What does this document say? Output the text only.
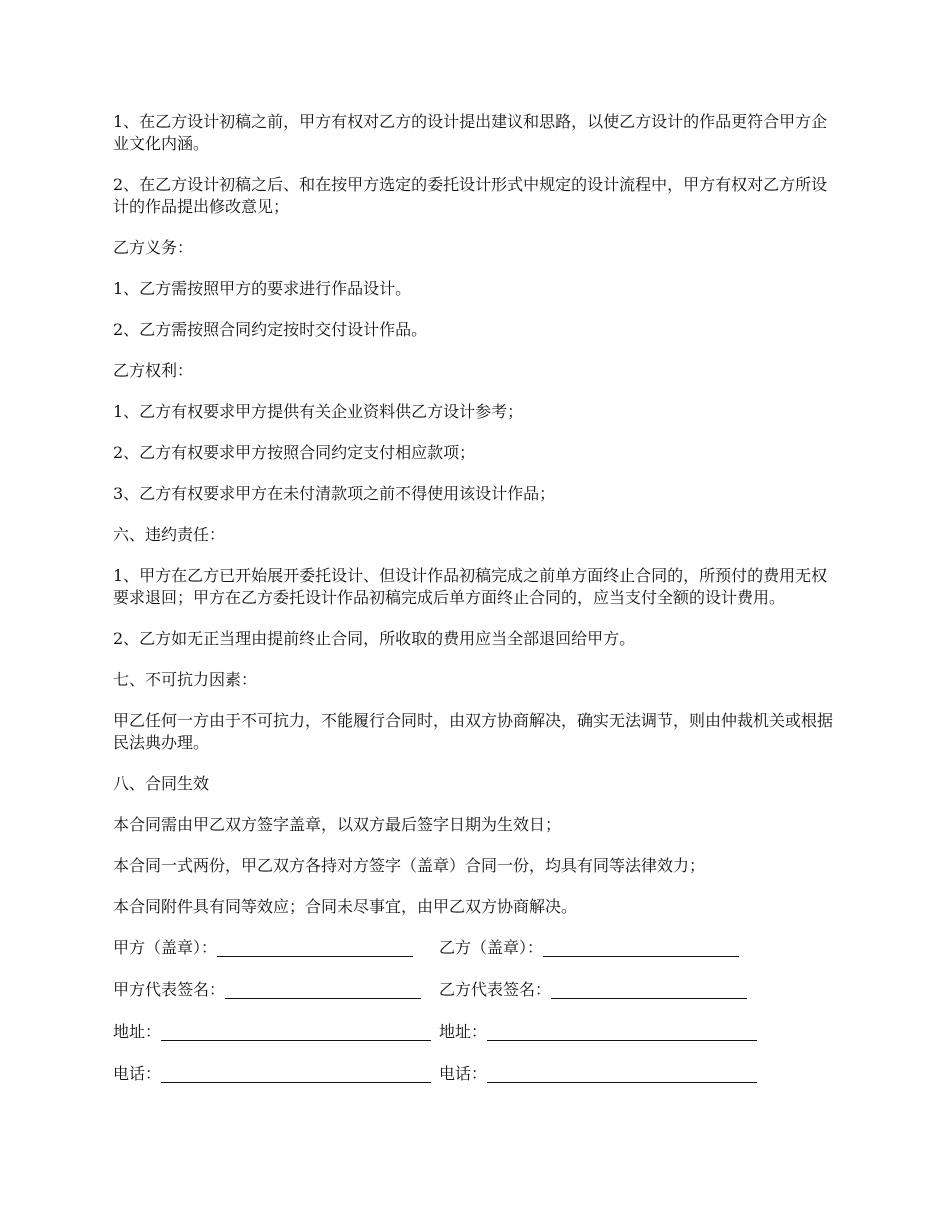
1、在乙方设计初稿之前，甲方有权对乙方的设计提出建议和思路，以使乙方设计的作品更符合甲方企业文化内涵。

2、在乙方设计初稿之后、和在按甲方选定的委托设计形式中规定的设计流程中，甲方有权对乙方所设计的作品提出修改意见；

乙方义务：

1、乙方需按照甲方的要求进行作品设计。

2、乙方需按照合同约定按时交付设计作品。

乙方权利：

1、乙方有权要求甲方提供有关企业资料供乙方设计参考；

2、乙方有权要求甲方按照合同约定支付相应款项；

3、乙方有权要求甲方在未付清款项之前不得使用该设计作品；

六、违约责任：

1、甲方在乙方已开始展开委托设计、但设计作品初稿完成之前单方面终止合同的，所预付的费用无权要求退回；甲方在乙方委托设计作品初稿完成后单方面终止合同的，应当支付全额的设计费用。

2、乙方如无正当理由提前终止合同，所收取的费用应当全部退回给甲方。

七、不可抗力因素：

甲乙任何一方由于不可抗力，不能履行合同时，由双方协商解决，确实无法调节，则由仲裁机关或根据民法典办理。

八、合同生效

本合同需由甲乙双方签字盖章，以双方最后签字日期为生效日；

本合同一式两份，甲乙双方各持对方签字（盖章）合同一份，均具有同等法律效力；

本合同附件具有同等效应；合同未尽事宜，由甲乙双方协商解决。

甲方（盖章）：	乙方（盖章）：
甲方代表签名：	乙方代表签名：
地址：	地址：
电话：	电话：
